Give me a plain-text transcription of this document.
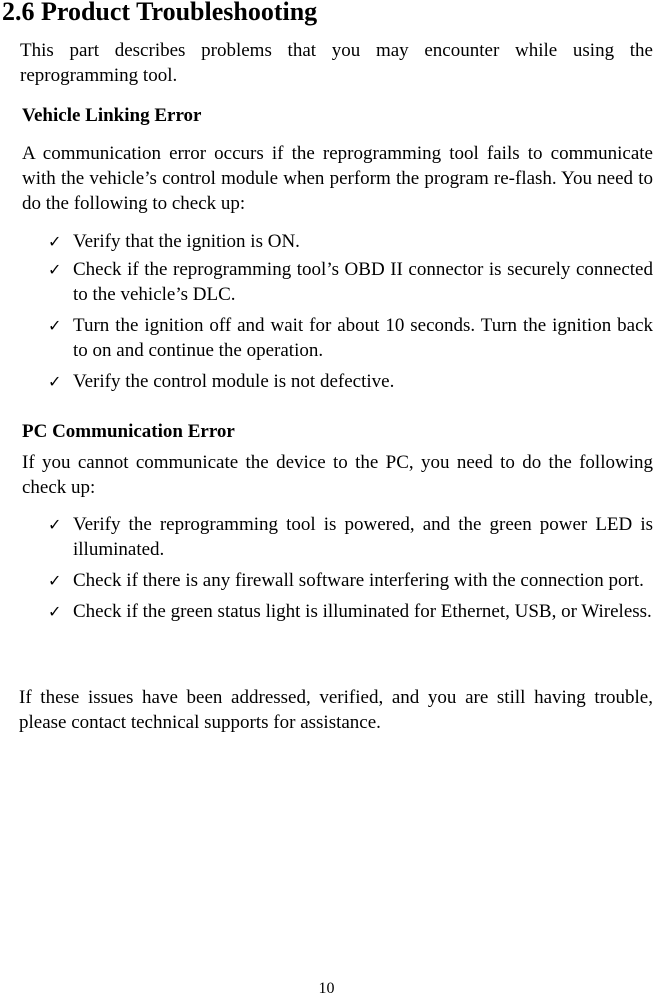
2.6 Product Troubleshooting

This part describes problems that you may encounter while using the reprogramming tool.

Vehicle Linking Error

A communication error occurs if the reprogramming tool fails to communicate with the vehicle’s control module when perform the program re-flash. You need to do the following to check up:

✓ Verify that the ignition is ON.
✓ Check if the reprogramming tool’s OBD II connector is securely connected to the vehicle’s DLC.
✓ Turn the ignition off and wait for about 10 seconds. Turn the ignition back to on and continue the operation.
✓ Verify the control module is not defective.

PC Communication Error

If you cannot communicate the device to the PC, you need to do the following check up:

✓ Verify the reprogramming tool is powered, and the green power LED is illuminated.
✓ Check if there is any firewall software interfering with the connection port.
✓ Check if the green status light is illuminated for Ethernet, USB, or Wireless.

If these issues have been addressed, verified, and you are still having trouble, please contact technical supports for assistance.

10
